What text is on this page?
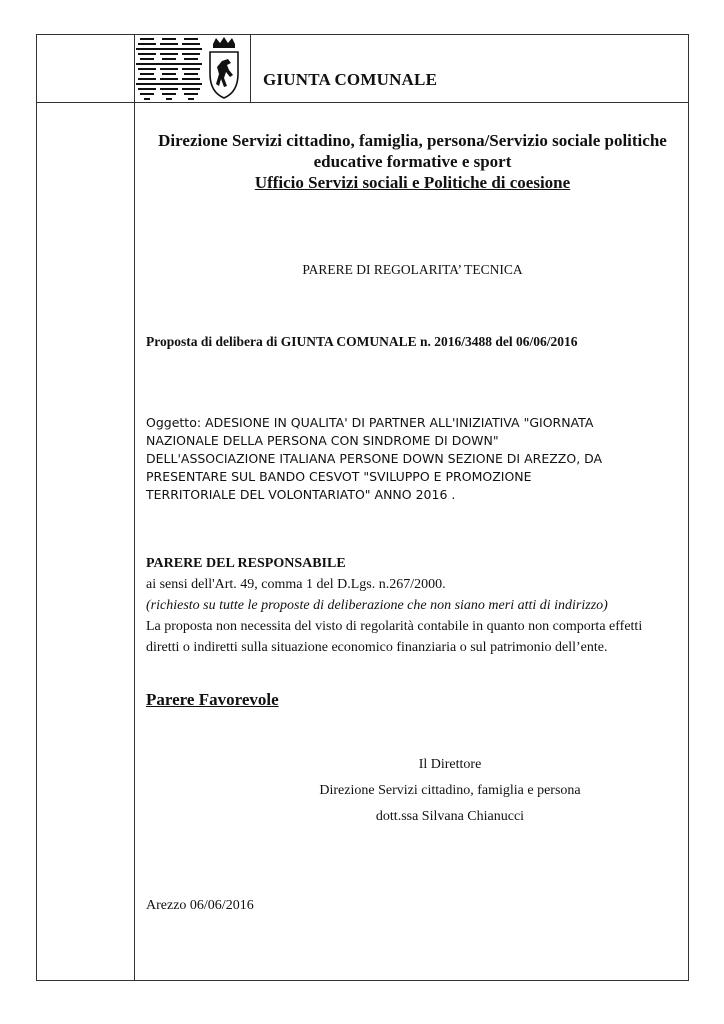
GIUNTA COMUNALE
Direzione Servizi cittadino, famiglia, persona/Servizio sociale politiche
educative formative e sport
Ufficio Servizi sociali e Politiche di coesione
PARERE DI REGOLARITA’ TECNICA
Proposta di delibera di GIUNTA COMUNALE n. 2016/3488 del 06/06/2016
Oggetto: ADESIONE IN QUALITA' DI PARTNER ALL'INIZIATIVA "GIORNATA
NAZIONALE DELLA PERSONA CON SINDROME DI DOWN"
DELL'ASSOCIAZIONE ITALIANA PERSONE DOWN SEZIONE DI AREZZO, DA
PRESENTARE SUL BANDO CESVOT "SVILUPPO E PROMOZIONE
TERRITORIALE DEL VOLONTARIATO" ANNO 2016 .
PARERE DEL RESPONSABILE
ai sensi dell'Art. 49, comma 1 del D.Lgs. n.267/2000.
(richiesto su tutte le proposte di deliberazione che non siano meri atti di indirizzo)
La proposta non necessita del visto di regolarità contabile in quanto non comporta effetti
diretti o indiretti sulla situazione economico finanziaria o sul patrimonio dell’ente.
Parere Favorevole
Il Direttore
Direzione Servizi cittadino, famiglia e persona
dott.ssa Silvana Chianucci
Arezzo 06/06/2016
